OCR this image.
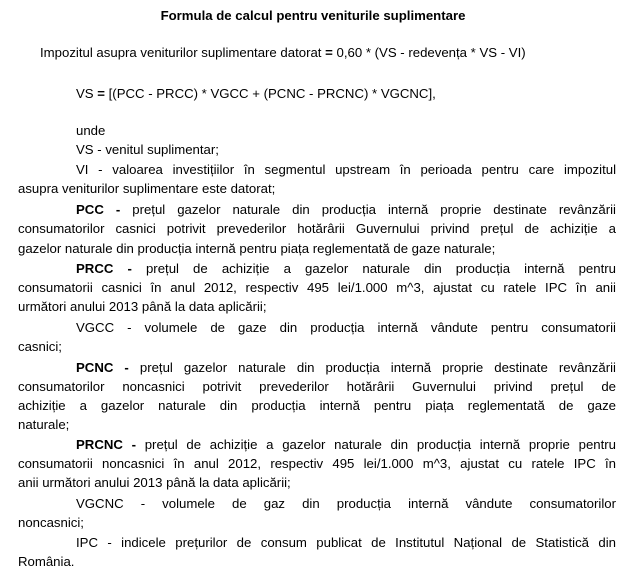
Formula de calcul pentru veniturile suplimentare
Impozitul asupra veniturilor suplimentare datorat = 0,60 * (VS - redevența * VS - VI)
VS = [(PCC - PRCC) * VGCC + (PCNC - PRCNC) * VGCNC],
unde
VS - venitul suplimentar;
VI - valoarea investițiilor în segmentul upstream în perioada pentru care impozitul
asupra veniturilor suplimentare este datorat;
PCC - prețul gazelor naturale din producția internă proprie destinate revânzării
consumatorilor casnici potrivit prevederilor hotărârii Guvernului privind prețul de achiziție a
gazelor naturale din producția internă pentru piața reglementată de gaze naturale;
PRCC - prețul de achiziție a gazelor naturale din producția internă pentru
consumatorii casnici în anul 2012, respectiv 495 lei/1.000 m^3, ajustat cu ratele IPC în anii
următori anului 2013 până la data aplicării;
VGCC - volumele de gaze din producția internă vândute pentru consumatorii
casnici;
PCNC - prețul gazelor naturale din producția internă proprie destinate revânzării
consumatorilor noncasnici potrivit prevederilor hotărârii Guvernului privind prețul de
achiziție a gazelor naturale din producția internă pentru piața reglementată de gaze
naturale;
PRCNC - prețul de achiziție a gazelor naturale din producția internă proprie pentru
consumatorii noncasnici în anul 2012, respectiv 495 lei/1.000 m^3, ajustat cu ratele IPC în
anii următori anului 2013 până la data aplicării;
VGCNC - volumele de gaz din producția internă vândute consumatorilor
noncasnici;
IPC - indicele prețurilor de consum publicat de Institutul Național de Statistică din
România.
